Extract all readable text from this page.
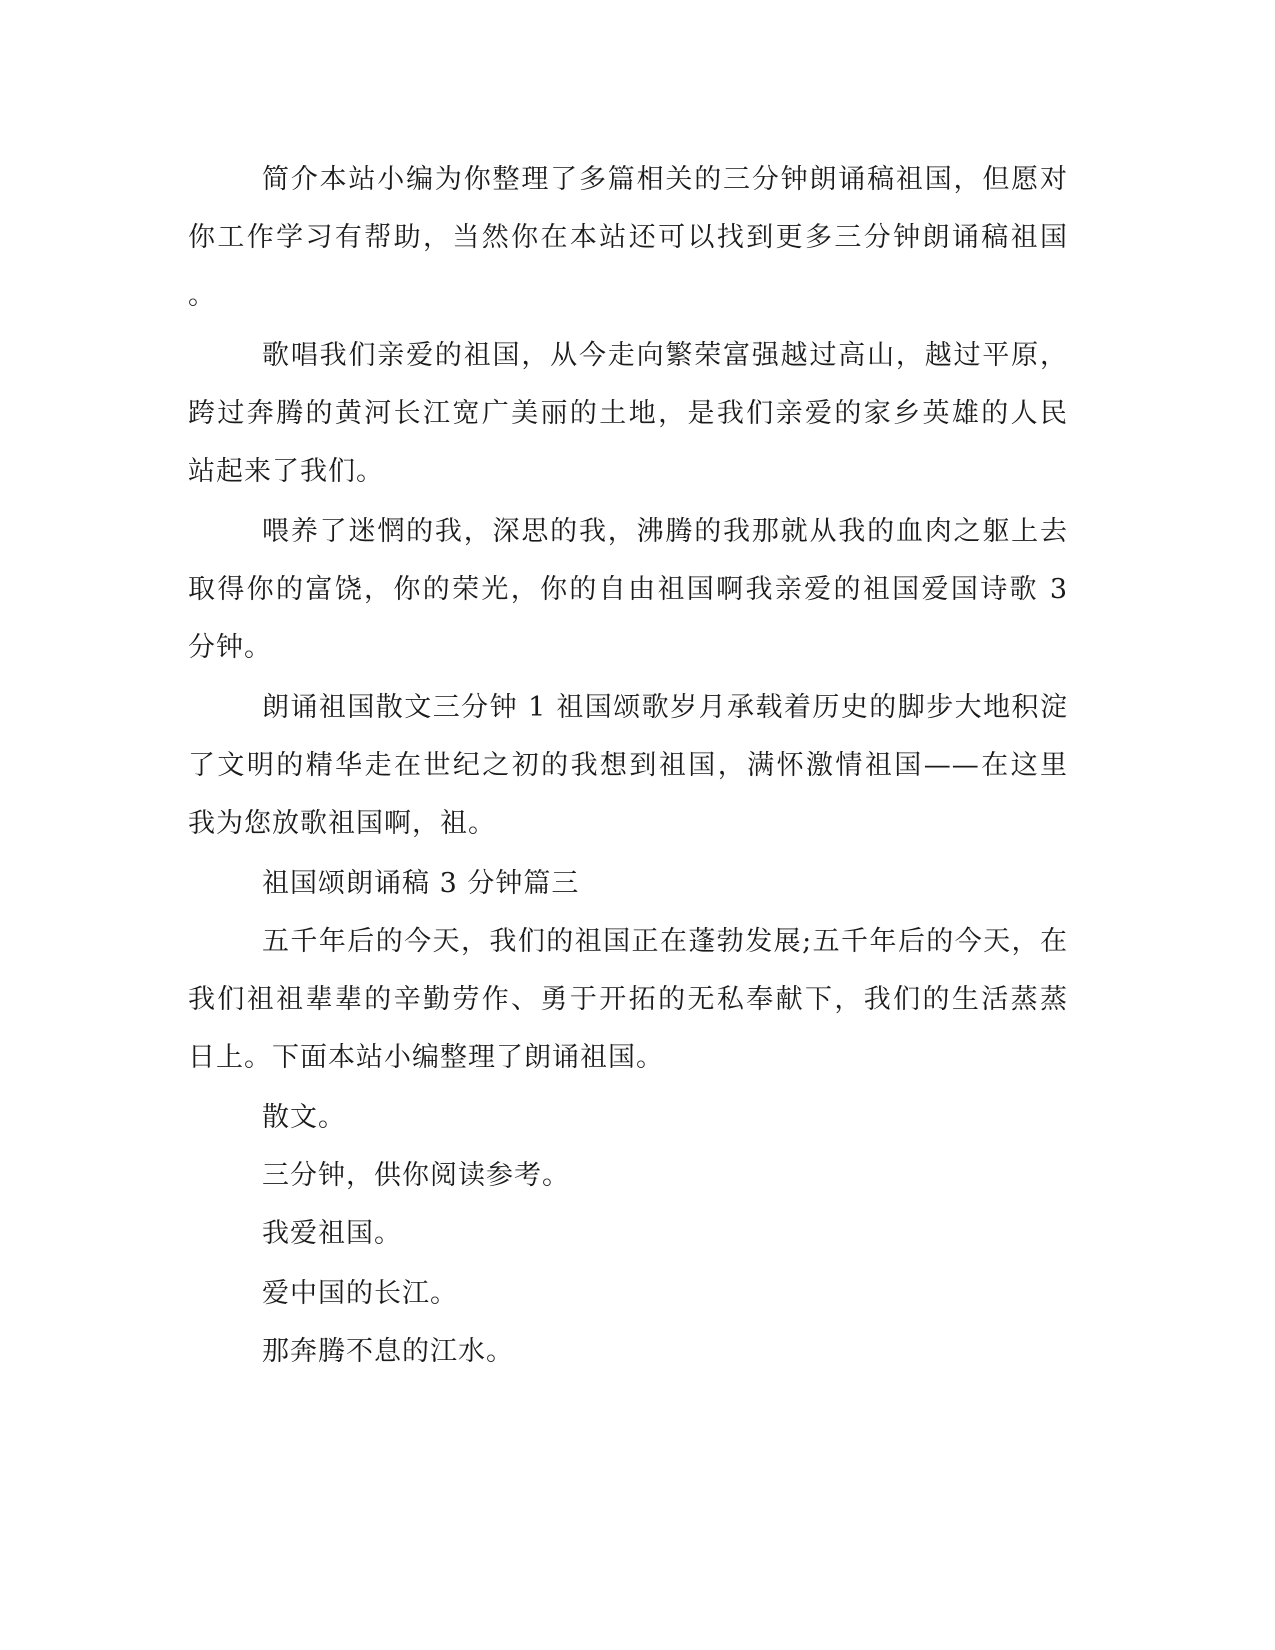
简介本站小编为你整理了多篇相关的三分钟朗诵稿祖国，但愿对
你工作学习有帮助，当然你在本站还可以找到更多三分钟朗诵稿祖国
。
歌唱我们亲爱的祖国，从今走向繁荣富强越过高山，越过平原，
跨过奔腾的黄河长江宽广美丽的土地，是我们亲爱的家乡英雄的人民
站起来了我们。
喂养了迷惘的我，深思的我，沸腾的我那就从我的血肉之躯上去
取得你的富饶，你的荣光，你的自由祖国啊我亲爱的祖国爱国诗歌 3
分钟。
朗诵祖国散文三分钟 1 祖国颂歌岁月承载着历史的脚步大地积淀
了文明的精华走在世纪之初的我想到祖国，满怀激情祖国——在这里
我为您放歌祖国啊，祖。
祖国颂朗诵稿 3 分钟篇三
五千年后的今天，我们的祖国正在蓬勃发展;五千年后的今天，在
我们祖祖辈辈的辛勤劳作、勇于开拓的无私奉献下，我们的生活蒸蒸
日上。下面本站小编整理了朗诵祖国。
散文。
三分钟，供你阅读参考。
我爱祖国。
爱中国的长江。
那奔腾不息的江水。
